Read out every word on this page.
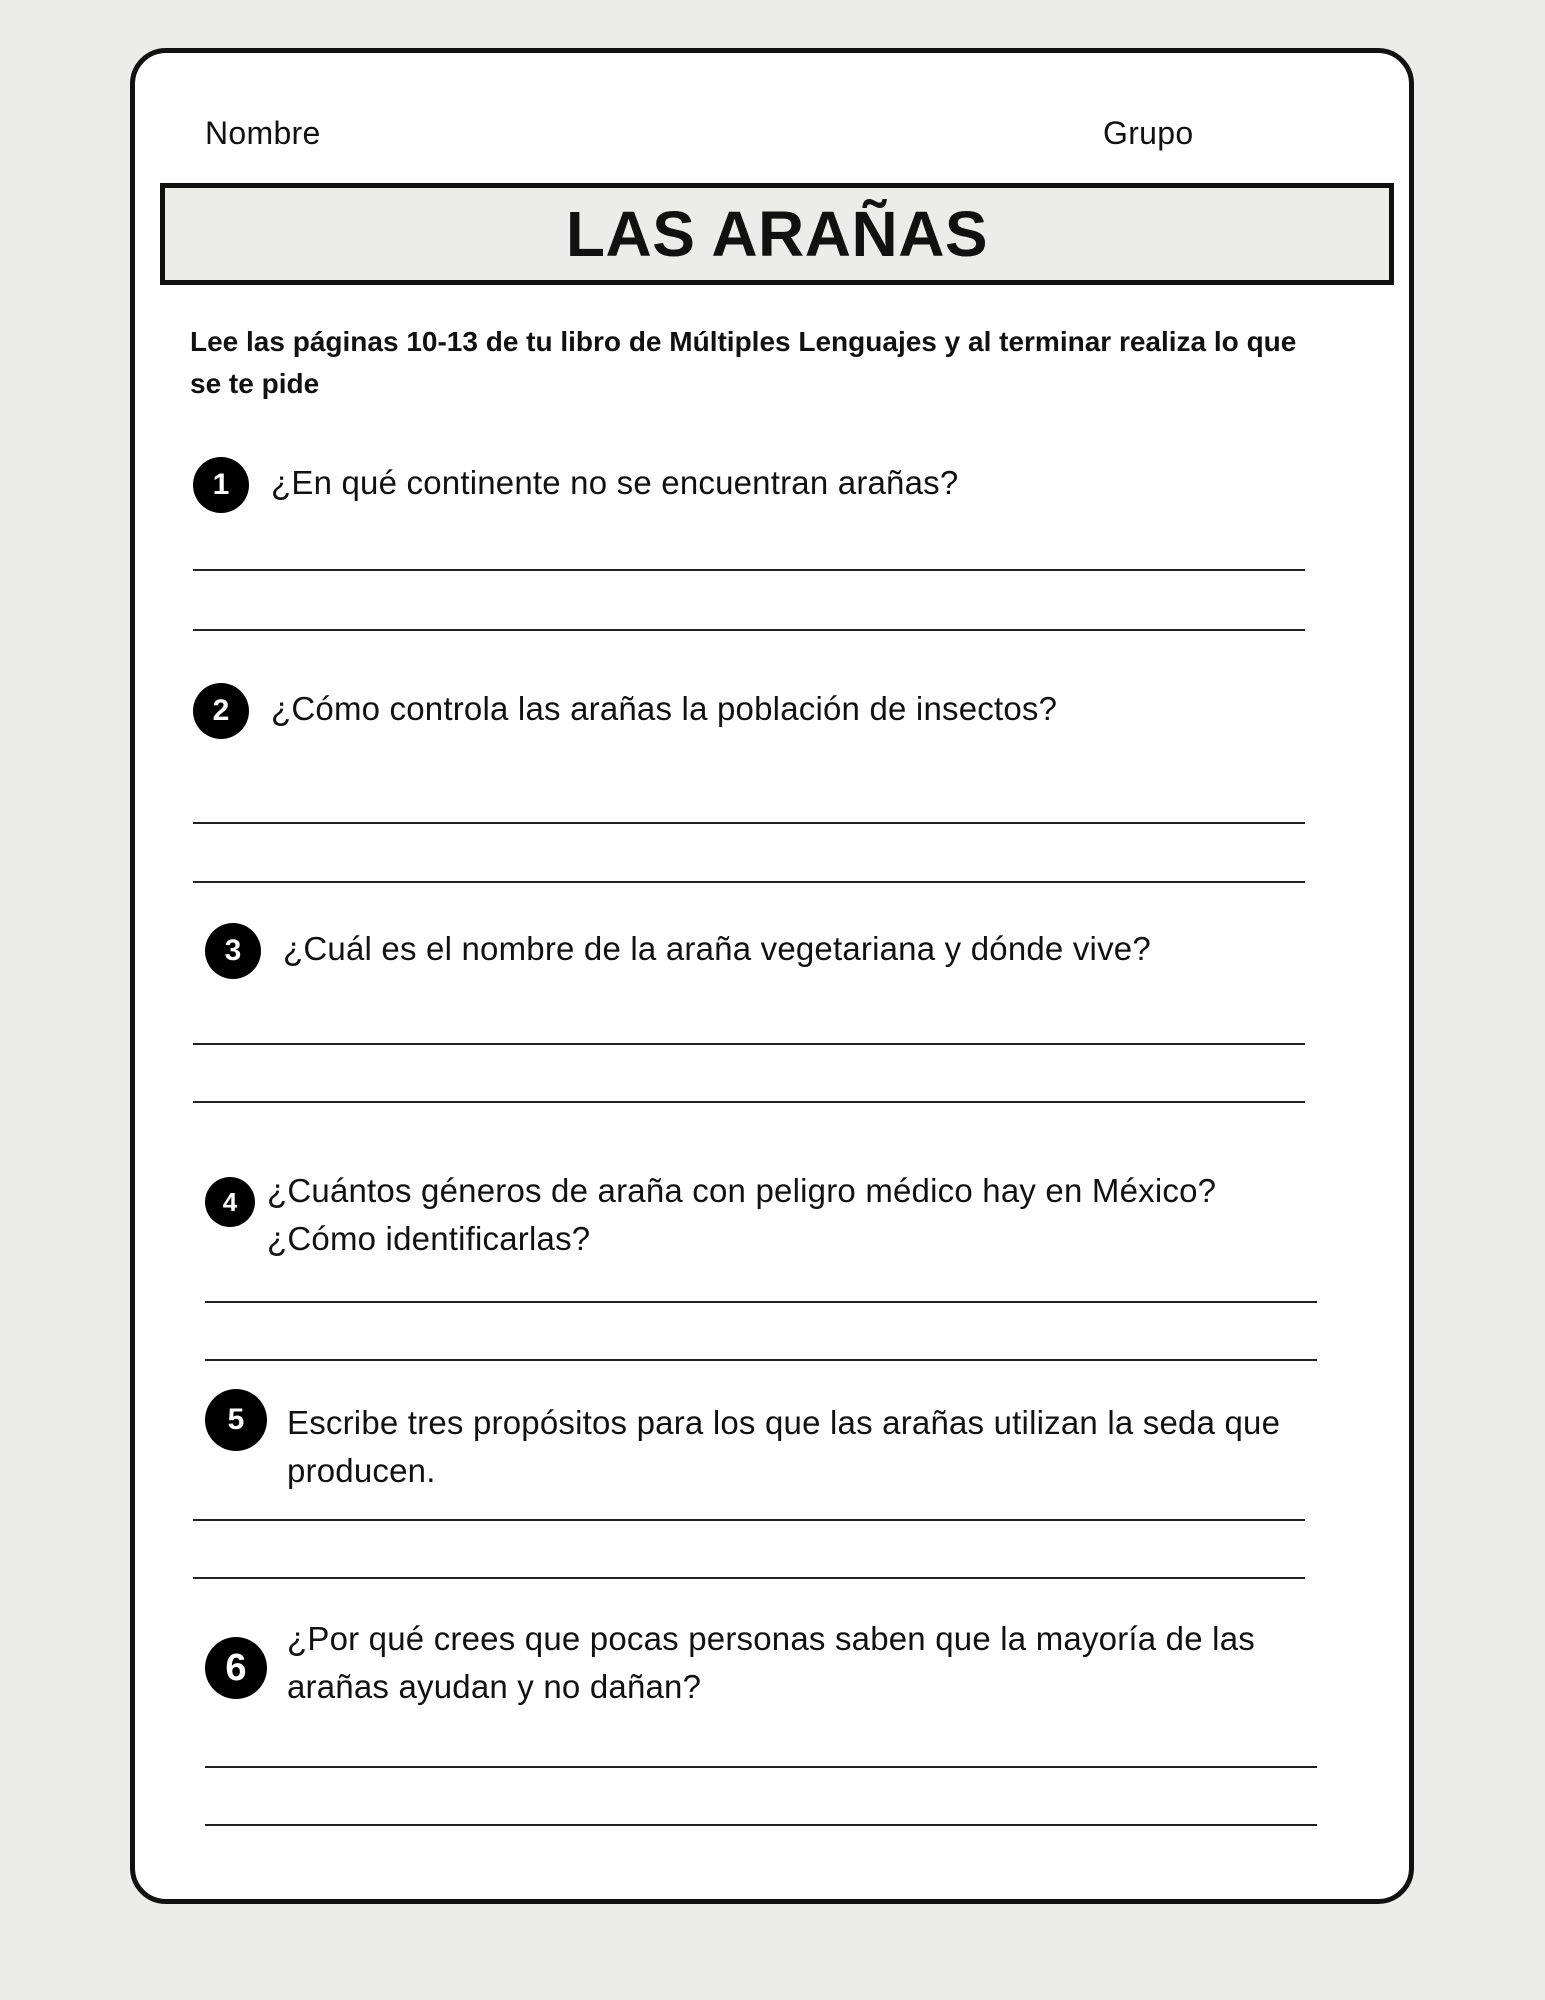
Nombre	Grupo
LAS ARAÑAS

Lee las páginas 10-13 de tu libro de Múltiples Lenguajes y al terminar realiza lo que se te pide

1	¿En qué continente no se encuentran arañas?

2	¿Cómo controla las arañas la población de insectos?

3	¿Cuál es el nombre de la araña vegetariana y dónde vive?

4 ¿Cuántos géneros de araña con peligro médico hay en México? ¿Cómo identificarlas?

5	Escribe tres propósitos para los que las arañas utilizan la seda que producen.

6

¿Por qué crees que pocas personas saben que la mayoría de las arañas ayudan y no dañan?
